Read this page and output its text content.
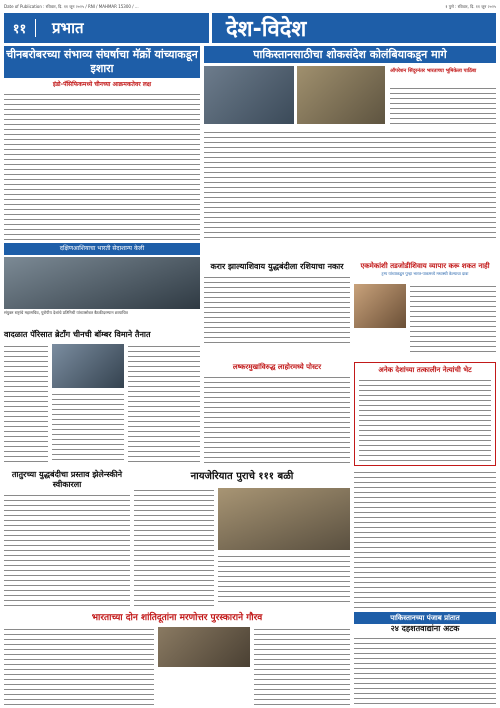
Date of Publication : रविवार, दि. ११ जून २०२५ / RNI / MAHMAR 15300 / ...	१ पुणे : रविवार, दि. ११ जून २०२५
११	प्रभात	देश-विदेश
चीनबरोबरच्या संभाव्य संघर्षाचा मॅक्रों यांच्याकडून इशारा
इंडो-पॅसिफिकमध्ये चीनच्या आक्रमकतेवर लक्ष
पाकिस्तानसाठीचा शोकसंदेश कोलंबियाकडून मागे
ऑपरेशन सिंदूरनंतर भारताच्या भूमिकेला पाठिंबा
दक्षिणआशियाचा भारती सेदाशान्य केली
संयुक्त राष्ट्रांचे महासचिव, युरोपीय देशांचे प्रतिनिधी यांच्यासोबत बैठकीदरम्यान छायाचित्र
करार झाल्याशिवाय युद्धबंदीला रशियाचा नकार	एकमेकांशी तडजोडीशिवाय व्यापार करू शकत नाही
ट्रम्प यांच्याकडून पुन्हा भारत-पाकमध्ये मध्यस्थी केल्याचा दावा
वादळात पॅरिसात ब्रेटॉंग चीनची बॉम्बर विमाने तैनात
लष्करमुखांविरुद्ध लाहोरमध्ये पोस्टर	अनेक देशांच्या तत्कालीन नेत्यांची भेट
तातुरच्या युद्धबंदीचा प्रस्ताव झेलेन्स्कीने स्वीकारला
नायजेरियात पुराचे १११ बळी
भारताच्या दोन शांतिदूतांना मरणोत्तर पुरस्काराने गौरव	पाकिस्तानच्या पंजाब प्रांतात
२४ दहशतवाद्यांना अटक
